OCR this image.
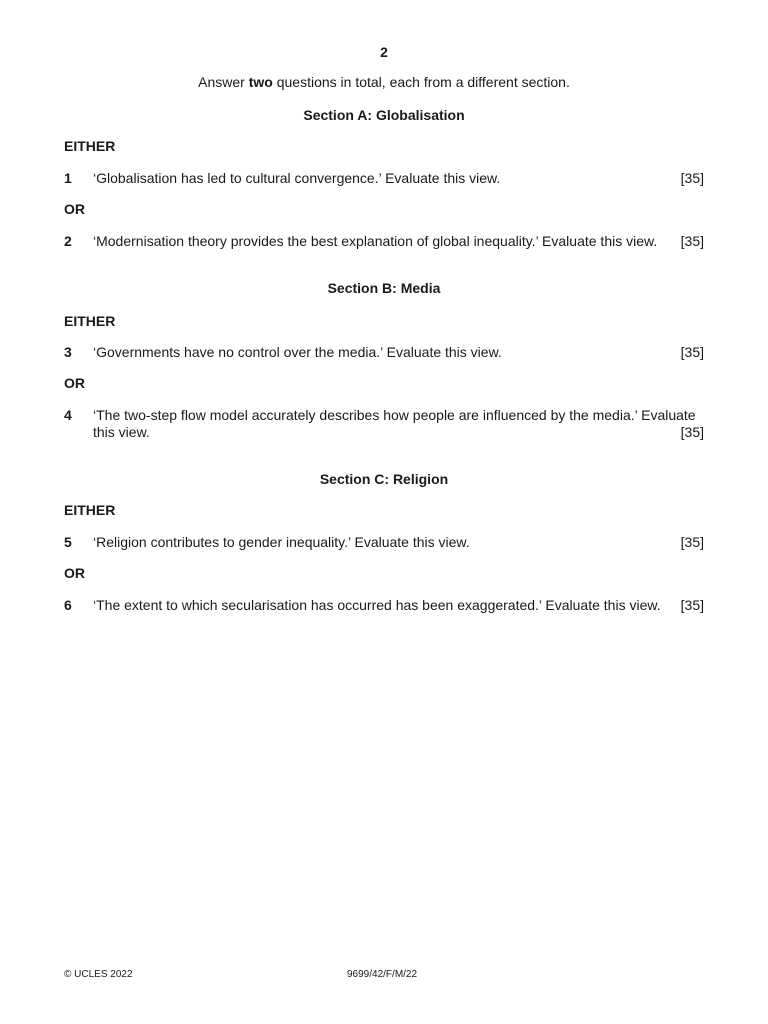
2
Answer two questions in total, each from a different section.
Section A: Globalisation
EITHER
1 ‘Globalisation has led to cultural convergence.’ Evaluate this view.	[35]
OR
2 ‘Modernisation theory provides the best explanation of global inequality.’ Evaluate this view. [35]
Section B: Media
EITHER
3 ‘Governments have no control over the media.’ Evaluate this view.	[35]
OR
4 ‘The two-step flow model accurately describes how people are influenced by the media.’ Evaluate
this view.	[35]
Section C: Religion
EITHER
5 ‘Religion contributes to gender inequality.’ Evaluate this view.	[35]
OR
6 ‘The extent to which secularisation has occurred has been exaggerated.’ Evaluate this view. [35]
© UCLES 2022	9699/42/F/M/22
